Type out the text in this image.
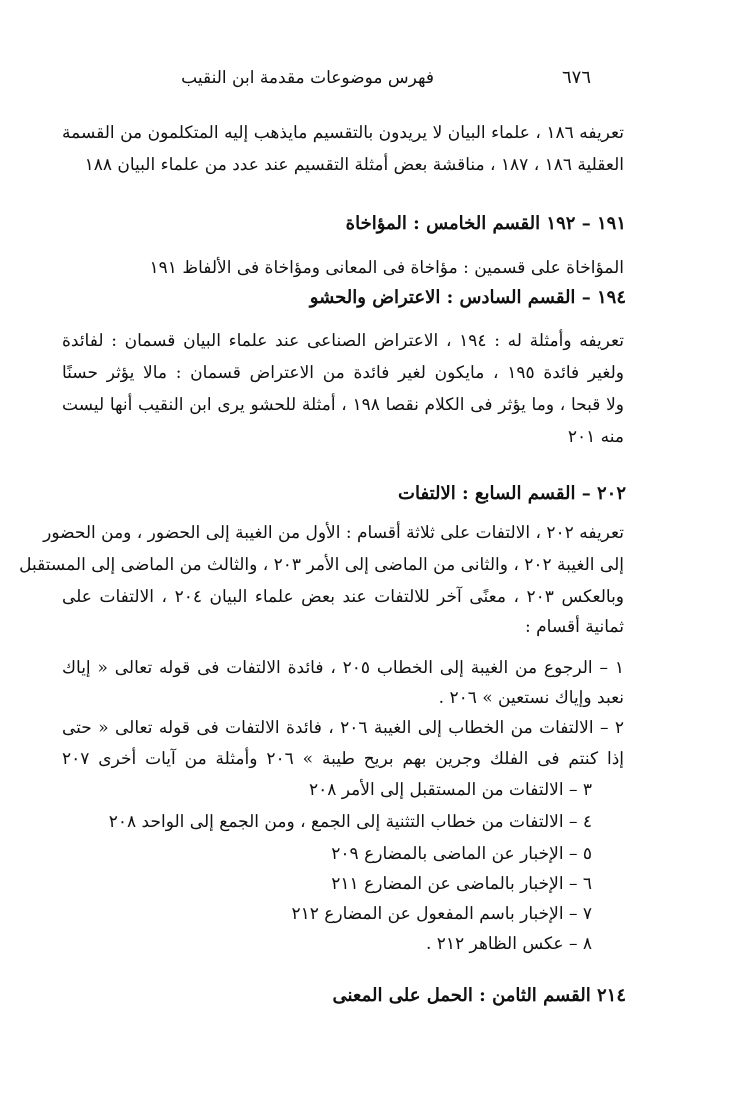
٦٧٦
فهرس موضوعات مقدمة ابن النقيب
تعريفه ١٨٦ ، علماء البيان لا يريدون بالتقسيم مايذهب إليه المتكلمون من القسمة
العقلية ١٨٦ ، ١٨٧ ، مناقشة بعض أمثلة التقسيم عند عدد من علماء البيان ١٨٨
١٩١ – ١٩٢ القسم الخامس : المؤاخاة
المؤاخاة على قسمين : مؤاخاة فى المعانى ومؤاخاة فى الألفاظ ١٩١
١٩٤ – القسم السادس : الاعتراض والحشو
تعريفه وأمثلة له : ١٩٤ ، الاعتراض الصناعى عند علماء البيان قسمان : لفائدة
ولغير فائدة ١٩٥ ، مايكون لغير فائدة من الاعتراض قسمان : مالا يؤثر حسنًا
ولا قبحا ، وما يؤثر فى الكلام نقصا ١٩٨ ، أمثلة للحشو يرى ابن النقيب أنها ليست
منه ٢٠١
٢٠٢ – القسم السابع : الالتفات
تعريفه ٢٠٢ ، الالتفات على ثلاثة أقسام : الأول من الغيبة إلى الحضور ، ومن الحضور
إلى الغيبة ٢٠٢ ، والثانى من الماضى إلى الأمر ٢٠٣ ، والثالث من الماضى إلى المستقبل
وبالعكس ٢٠٣ ، معنًى آخر للالتفات عند بعض علماء البيان ٢٠٤ ، الالتفات على
ثمانية أقسام :
١ – الرجوع من الغيبة إلى الخطاب ٢٠٥ ، فائدة الالتفات فى قوله تعالى « إياك
نعبد وإياك نستعين » ٢٠٦ .
٢ – الالتفات من الخطاب إلى الغيبة ٢٠٦ ، فائدة الالتفات فى قوله تعالى « حتى
إذا كنتم فى الفلك وجرين بهم بريح طيبة » ٢٠٦ وأمثلة من آيات أخرى ٢٠٧
٣ – الالتفات من المستقبل إلى الأمر ٢٠٨
٤ – الالتفات من خطاب التثنية إلى الجمع ، ومن الجمع إلى الواحد ٢٠٨
٥ – الإخبار عن الماضى بالمضارع ٢٠٩
٦ – الإخبار بالماضى عن المضارع ٢١١
٧ – الإخبار باسم المفعول عن المضارع ٢١٢
٨ – عكس الظاهر ٢١٢ .
٢١٤ القسم الثامن : الحمل على المعنى
